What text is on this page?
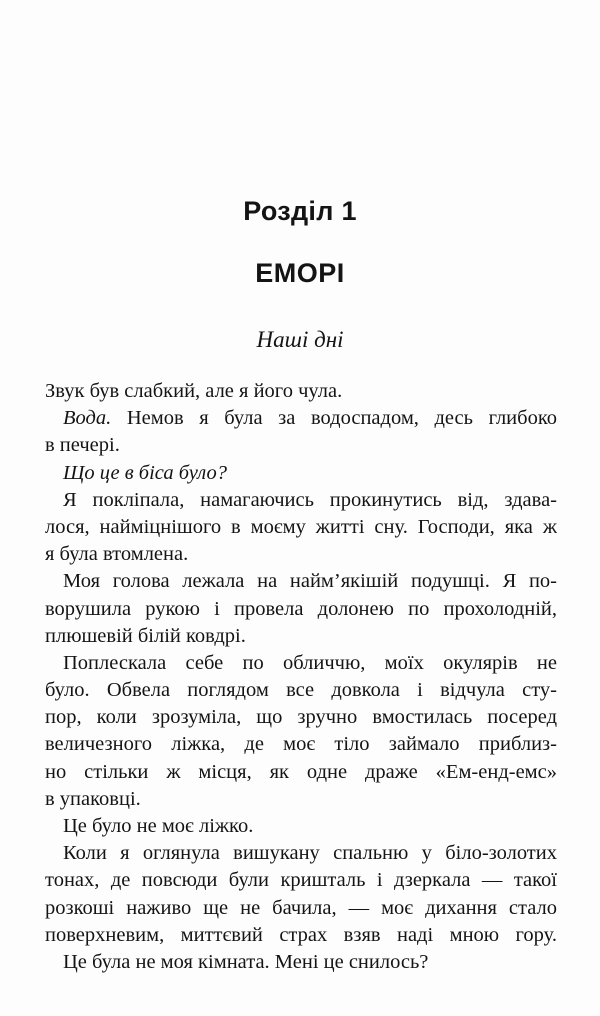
Розділ 1
ЕМОРІ
Наші дні
Звук був слабкий, але я його чула.
Вода. Немов я була за водоспадом, десь глибоко
в печері.
Що це в біса було?
Я покліпала, намагаючись прокинутись від, здава-
лося, наймiцнiшого в моєму житті сну. Господи, яка ж
я була втомлена.
Моя голова лежала на найм’якiшiй подушці. Я по-
ворушила рукою і провела долонею по прохолодній,
плюшевій білій ковдрі.
Поплескала себе по обличчю, моїх окулярів не
було. Обвела поглядом все довкола і вiдчула сту-
пор, коли зрозуміла, що зручно вмостилась посеред
величезного ліжка, де моє тіло займало приблиз-
но стільки ж місця, як одне драже «Ем-енд-емс»
в упаковці.
Це було не моє ліжко.
Коли я оглянула вишукану спальню у біло-золотих
тонах, де повсюди були кришталь і дзеркала — такої
розкоші наживо ще не бачила, — моє дихання стало
поверхневим, миттєвий страх взяв наді мною гору.
Це була не моя кімната. Мені це снилось?
